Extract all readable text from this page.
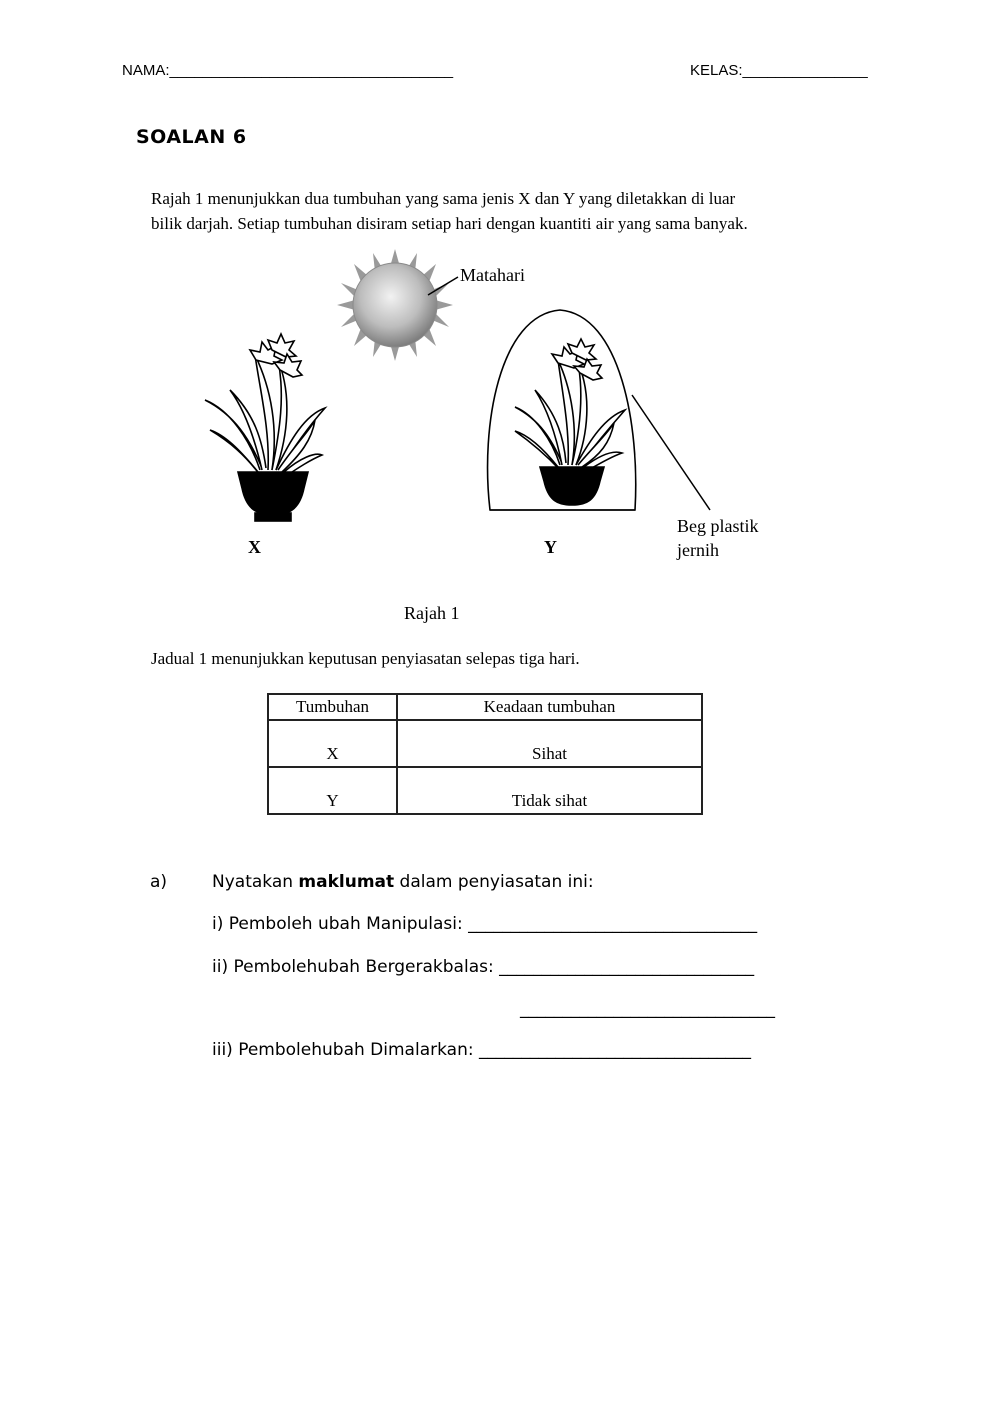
NAMA:__________________________________	KELAS:_______________
SOALAN 6
Rajah 1 menunjukkan dua tumbuhan yang sama jenis X dan Y yang diletakkan di luar
bilik darjah. Setiap tumbuhan disiram setiap hari dengan kuantiti air yang sama banyak.
Matahari
Beg plastik
jernih
X	Y
Rajah 1
Jadual 1 menunjukkan keputusan penyiasatan selepas tiga hari.
Tumbuhan	Keadaan tumbuhan
X	Sihat
Y	Tidak sihat
a)	Nyatakan maklumat dalam penyiasatan ini:
i) Pemboleh ubah Manipulasi: __________________________________
ii) Pembolehubah Bergerakbalas: ______________________________
______________________________
iii) Pembolehubah Dimalarkan: ________________________________
